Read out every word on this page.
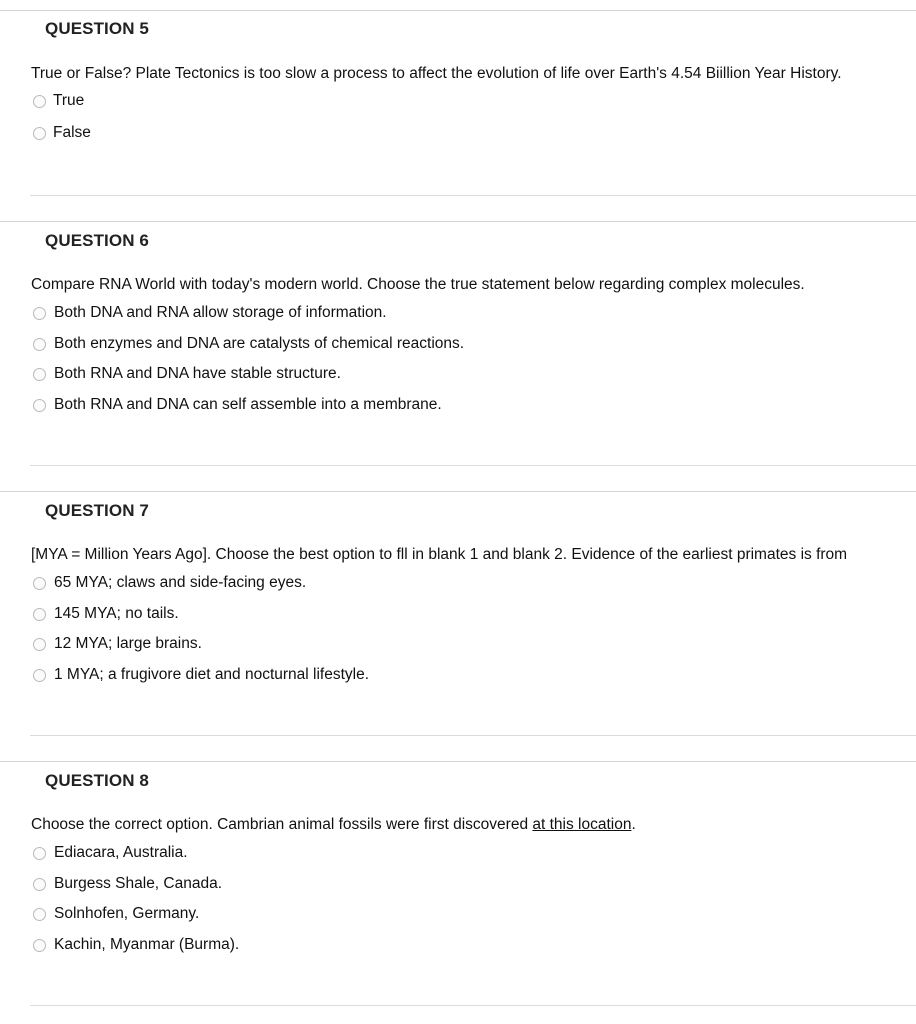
QUESTION 5
True or False? Plate Tectonics is too slow a process to affect the evolution of life over Earth's 4.54 Biillion Year History.
True
False
QUESTION 6
Compare RNA World with today's modern world. Choose the true statement below regarding complex molecules.
Both DNA and RNA allow storage of information.
Both enzymes and DNA are catalysts of chemical reactions.
Both RNA and DNA have stable structure.
Both RNA and DNA can self assemble into a membrane.
QUESTION 7
[MYA = Million Years Ago]. Choose the best option to fll in blank 1 and blank 2. Evidence of the earliest primates is from
65 MYA; claws and side-facing eyes.
145 MYA; no tails.
12 MYA; large brains.
1 MYA; a frugivore diet and nocturnal lifestyle.
QUESTION 8
Choose the correct option. Cambrian animal fossils were first discovered at this location.
Ediacara, Australia.
Burgess Shale, Canada.
Solnhofen, Germany.
Kachin, Myanmar (Burma).
